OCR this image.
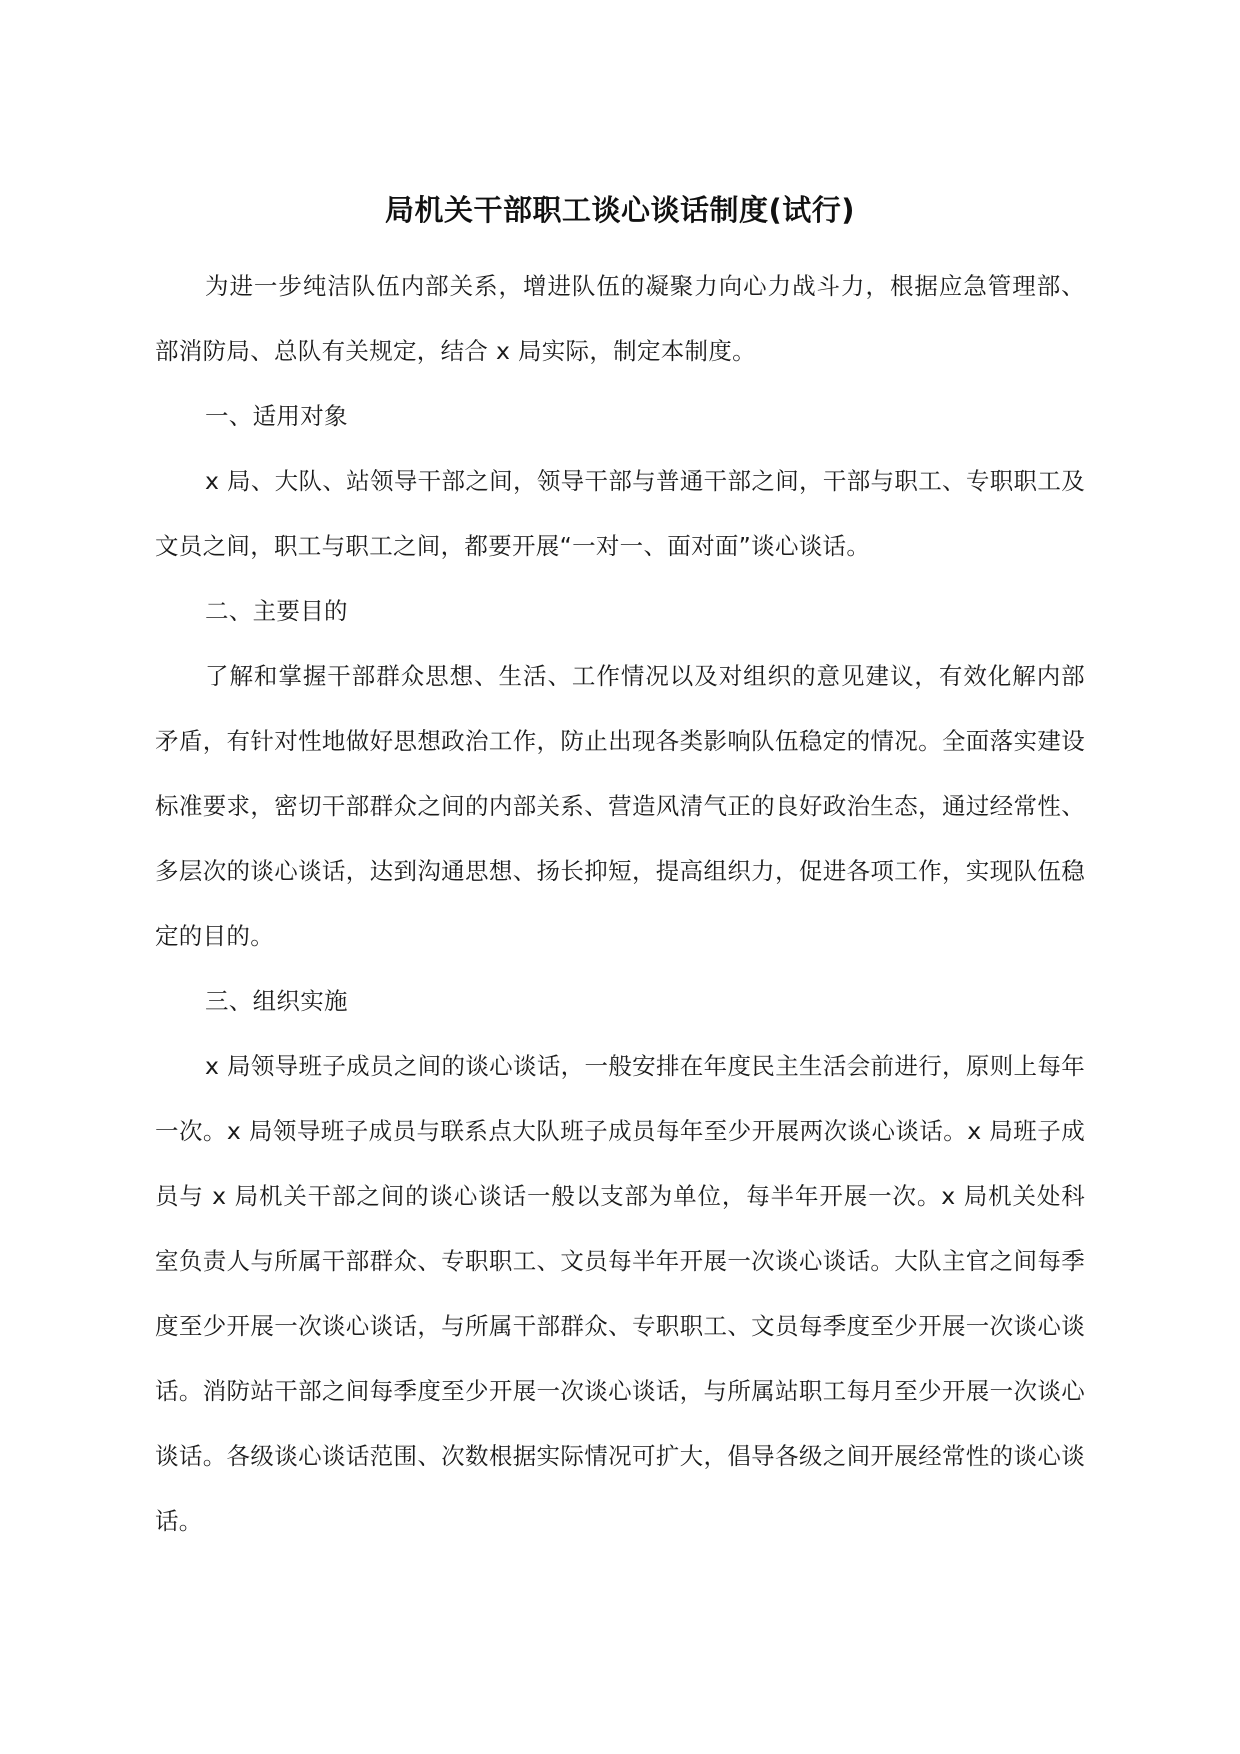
局机关干部职工谈心谈话制度(试行)

为进一步纯洁队伍内部关系，增进队伍的凝聚力向心力战斗力，根据应急管理部、部消防局、总队有关规定，结合 x 局实际，制定本制度。

一、适用对象

x 局、大队、站领导干部之间，领导干部与普通干部之间，干部与职工、专职职工及文员之间，职工与职工之间，都要开展“一对一、面对面”谈心谈话。

二、主要目的

了解和掌握干部群众思想、生活、工作情况以及对组织的意见建议，有效化解内部矛盾，有针对性地做好思想政治工作，防止出现各类影响队伍稳定的情况。全面落实建设标准要求，密切干部群众之间的内部关系、营造风清气正的良好政治生态，通过经常性、多层次的谈心谈话，达到沟通思想、扬长抑短，提高组织力，促进各项工作，实现队伍稳定的目的。

三、组织实施

x 局领导班子成员之间的谈心谈话，一般安排在年度民主生活会前进行，原则上每年一次。x 局领导班子成员与联系点大队班子成员每年至少开展两次谈心谈话。x 局班子成员与 x 局机关干部之间的谈心谈话一般以支部为单位，每半年开展一次。x 局机关处科室负责人与所属干部群众、专职职工、文员每半年开展一次谈心谈话。大队主官之间每季度至少开展一次谈心谈话，与所属干部群众、专职职工、文员每季度至少开展一次谈心谈话。消防站干部之间每季度至少开展一次谈心谈话，与所属站职工每月至少开展一次谈心谈话。各级谈心谈话范围、次数根据实际情况可扩大，倡导各级之间开展经常性的谈心谈话。
